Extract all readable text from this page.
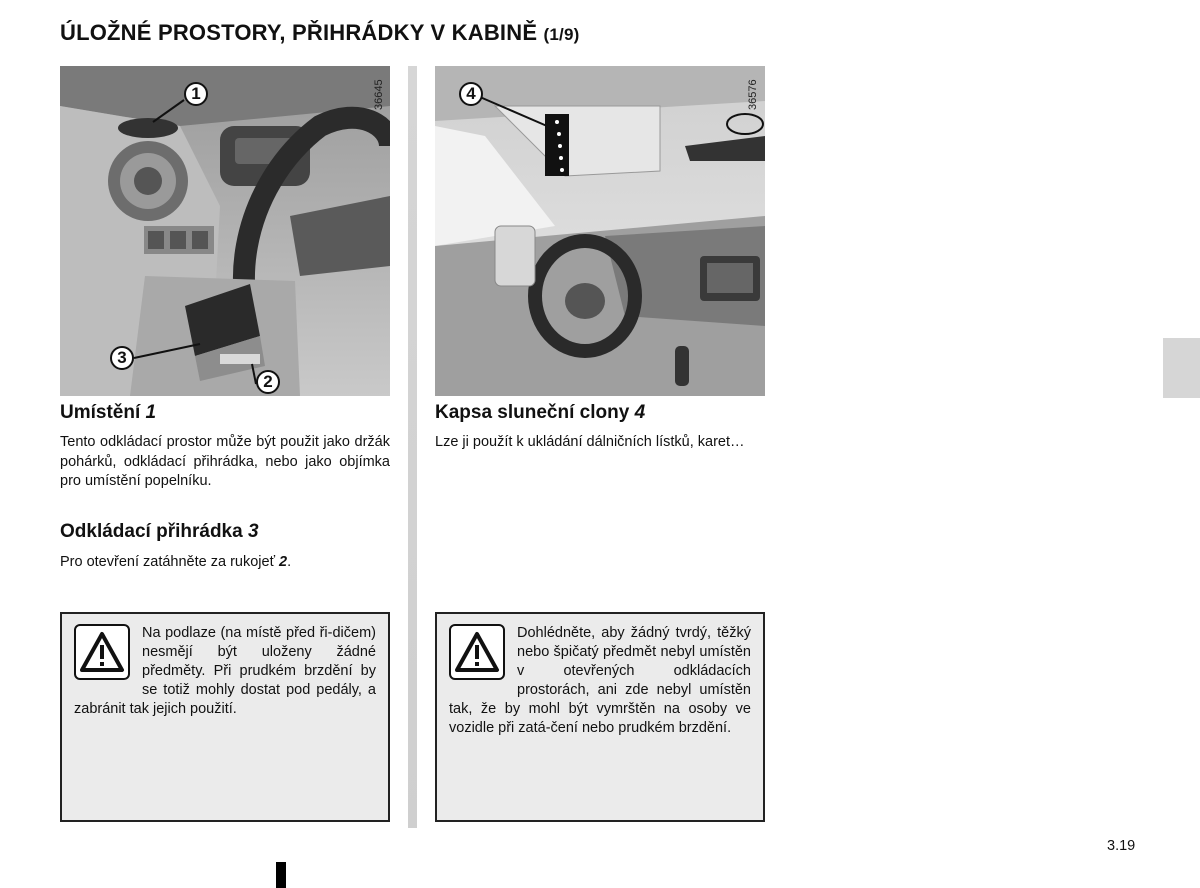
ÚLOŽNÉ PROSTORY, PŘIHRÁDKY V KABINĚ (1/9)
36645
1
2
3
36576
4
Umístění 1

Tento odkládací prostor může být použit jako držák pohárků, odkládací přihrádka, nebo jako objímka pro umístění popelníku.

Odkládací přihrádka 3

Pro otevření zatáhněte za rukojeť 2.

Kapsa sluneční clony 4

Lze ji použít k ukládání dálničních lístků, karet…

Na podlaze (na místě před ři-dičem) nesmějí být uloženy žádné předměty. Při prudkém brzdění by se totiž mohly dostat pod pedály, a zabránit tak jejich použití.
Dohlédněte, aby žádný tvrdý, těžký nebo špičatý předmět nebyl umístěn v otevřených odkládacích prostorách, ani zde nebyl umístěn tak, že by mohl být vymrštěn na osoby ve vozidle při zatá-čení nebo prudkém brzdění.
3.19
